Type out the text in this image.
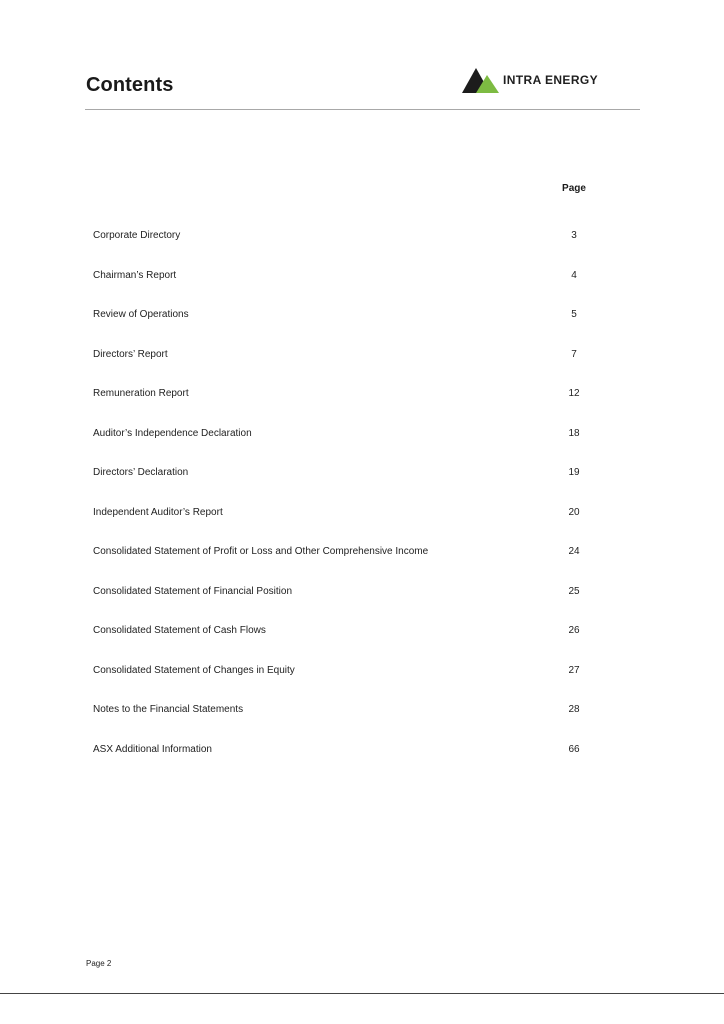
Contents	INTRA ENERGY
Page
Corporate Directory	3
Chairman’s Report	4
Review of Operations	5
Directors’ Report	7
Remuneration Report	12
Auditor’s Independence Declaration	18
Directors’ Declaration	19
Independent Auditor’s Report	20
Consolidated Statement of Profit or Loss and Other Comprehensive Income	24
Consolidated Statement of Financial Position	25
Consolidated Statement of Cash Flows	26
Consolidated Statement of Changes in Equity	27
Notes to the Financial Statements	28
ASX Additional Information	66
Page 2
